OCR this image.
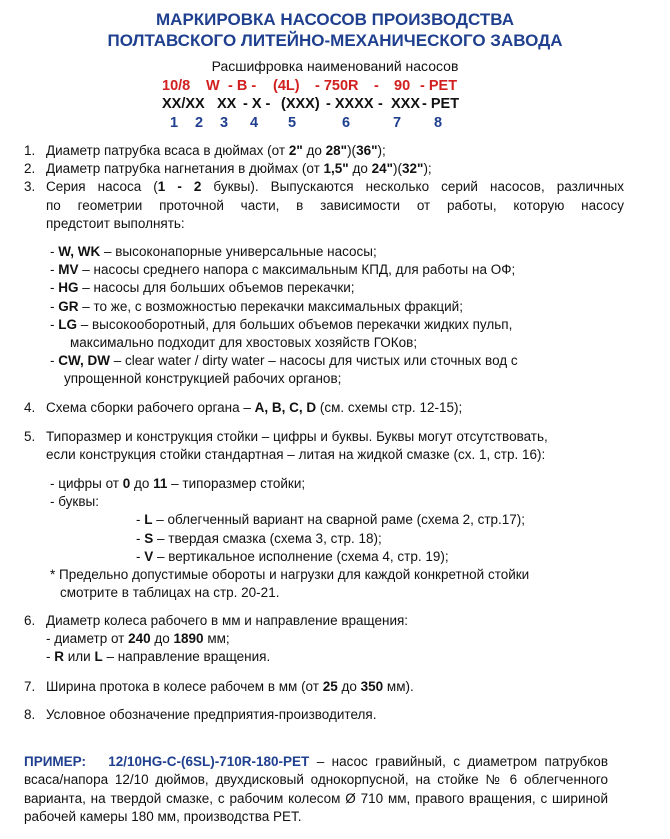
МАРКИРОВКА НАСОСОВ ПРОИЗВОДСТВА
ПОЛТАВСКОГО ЛИТЕЙНО-МЕХАНИЧЕСКОГО ЗАВОДА
Расшифровка наименований насосов
10/8 W - B - (4L) - 750R - 90 - PET
XX/XX XX - X - (XXX) - XXXX - XXX - PET
1 2 3 4 5	6	7 8
1. Диаметр патрубка всаса в дюймах (от 2" до 28")(36");
2. Диаметр патрубка нагнетания в дюймах (от 1,5" до 24")(32");
3. Серия насоса (1 - 2 буквы). Выпускаются несколько серий насосов, различных
по геометрии проточной части, в зависимости от работы, которую насосу
предстоит выполнять:
- W, WK – высоконапорные универсальные насосы;
- MV – насосы среднего напора с максимальным КПД, для работы на ОФ;
- HG – насосы для больших объемов перекачки;
- GR – то же, с возможностью перекачки максимальных фракций;
- LG – высокооборотный, для больших объемов перекачки жидких пульп,
максимально подходит для хвостовых хозяйств ГОКов;
- CW, DW – clear water / dirty water – насосы для чистых или сточных вод с
упрощенной конструкцией рабочих органов;
4. Схема сборки рабочего органа – A, B, C, D (см. схемы стр. 12-15);
5. Типоразмер и конструкция стойки – цифры и буквы. Буквы могут отсутствовать,
если конструкция стойки стандартная – литая на жидкой смазке (сх. 1, стр. 16):
- цифры от 0 до 11 – типоразмер стойки;
- буквы:
- L – облегченный вариант на сварной раме (схема 2, стр.17);
- S – твердая смазка (схема 3, стр. 18);
- V – вертикальное исполнение (схема 4, стр. 19);
* Предельно допустимые обороты и нагрузки для каждой конкретной стойки
смотрите в таблицах на стр. 20-21.
6. Диаметр колеса рабочего в мм и направление вращения:
- диаметр от 240 до 1890 мм;
- R или L – направление вращения.
7. Ширина протока в колесе рабочем в мм (от 25 до 350 мм).
8. Условное обозначение предприятия-производителя.
ПРИМЕР: 12/10HG-C-(6SL)-710R-180-PET – насос гравийный, с диаметром патрубков всаса/напора 12/10 дюймов, двухдисковый однокорпусной, на стойке № 6 облегченного варианта, на твердой смазке, с рабочим колесом Ø 710 мм, правого вращения, с шириной рабочей камеры 180 мм, производства PET.
